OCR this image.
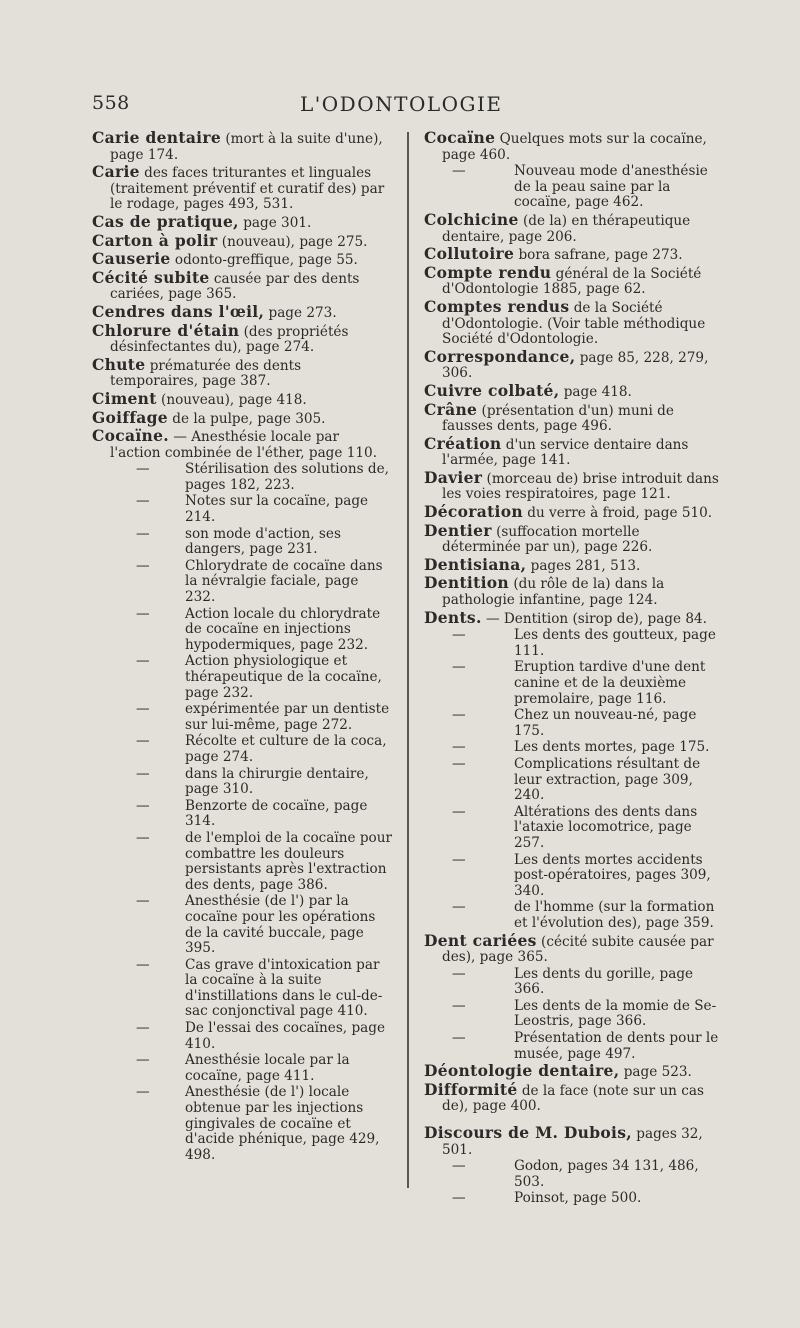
558	L'ODONTOLOGIE
Carie dentaire (mort à la suite d'une), page 174.
Carie des faces triturantes et linguales (traitement préventif et curatif des) par le rodage, pages 493, 531.
Cas de pratique, page 301.
Carton à polir (nouveau), page 275.
Causerie odonto-greffique, page 55.
Cécité subite causée par des dents cariées, page 365.
Cendres dans l'œil, page 273.
Chlorure d'étain (des propriétés désinfectantes du), page 274.
Chute prématurée des dents temporaires, page 387.
Ciment (nouveau), page 418.
Goiffage de la pulpe, page 305.
Cocaïne. — Anesthésie locale par l'action combinée de l'éther, page 110.
—	Stérilisation des solutions de, pages 182, 223.
—	Notes sur la cocaïne, page 214.
—	son mode d'action, ses dangers, page 231.
—	Chlorydrate de cocaïne dans la névralgie faciale, page 232.
—	Action locale du chlorydrate de cocaïne en injections hypodermiques, page 232.
—	Action physiologique et thérapeutique de la cocaïne, page 232.
—	expérimentée par un dentiste sur lui-même, page 272.
—	Récolte et culture de la coca, page 274.
—	dans la chirurgie dentaire, page 310.
—	Benzorte de cocaïne, page 314.
—	de l'emploi de la cocaïne pour combattre les douleurs persistants après l'extraction des dents, page 386.
—	Anesthésie (de l') par la cocaïne pour les opérations de la cavité buccale, page 395.
—	Cas grave d'intoxication par la cocaïne à la suite d'instillations dans le cul-de-sac conjonctival page 410.
—	De l'essai des cocaïnes, page 410.
—	Anesthésie locale par la cocaïne, page 411.
—	Anesthésie (de l') locale obtenue par les injections gingivales de cocaïne et d'acide phénique, page 429, 498.
Cocaïne Quelques mots sur la cocaïne, page 460.
—	Nouveau mode d'anesthésie de la peau saine par la cocaïne, page 462.
Colchicine (de la) en thérapeutique dentaire, page 206.
Collutoire bora safrane, page 273.
Compte rendu général de la Société d'Odontologie 1885, page 62.
Comptes rendus de la Société d'Odontologie. (Voir table méthodique Société d'Odontologie.
Correspondance, page 85, 228, 279, 306.
Cuivre colbaté, page 418.
Crâne (présentation d'un) muni de fausses dents, page 496.
Création d'un service dentaire dans l'armée, page 141.
Davier (morceau de) brise introduit dans les voies respiratoires, page 121.
Décoration du verre à froid, page 510.
Dentier (suffocation mortelle déterminée par un), page 226.
Dentisiana, pages 281, 513.
Dentition (du rôle de la) dans la pathologie infantine, page 124.
Dents. — Dentition (sirop de), page 84.
—	Les dents des goutteux, page 111.
—	Eruption tardive d'une dent canine et de la deuxième premolaire, page 116.
—	Chez un nouveau-né, page 175.
—	Les dents mortes, page 175.
—	Complications résultant de leur extraction, page 309, 240.
—	Altérations des dents dans l'ataxie locomotrice, page 257.
—	Les dents mortes accidents post-opératoires, pages 309, 340.
—	de l'homme (sur la formation et l'évolution des), page 359.
Dent cariées (cécité subite causée par des), page 365.
—	Les dents du gorille, page 366.
—	Les dents de la momie de Se-Leostris, page 366.
—	Présentation de dents pour le musée, page 497.
Déontologie dentaire, page 523.
Difformité de la face (note sur un cas de), page 400.
Discours de M. Dubois, pages 32, 501.
—	Godon, pages 34 131, 486, 503.
—	Poinsot, page 500.
